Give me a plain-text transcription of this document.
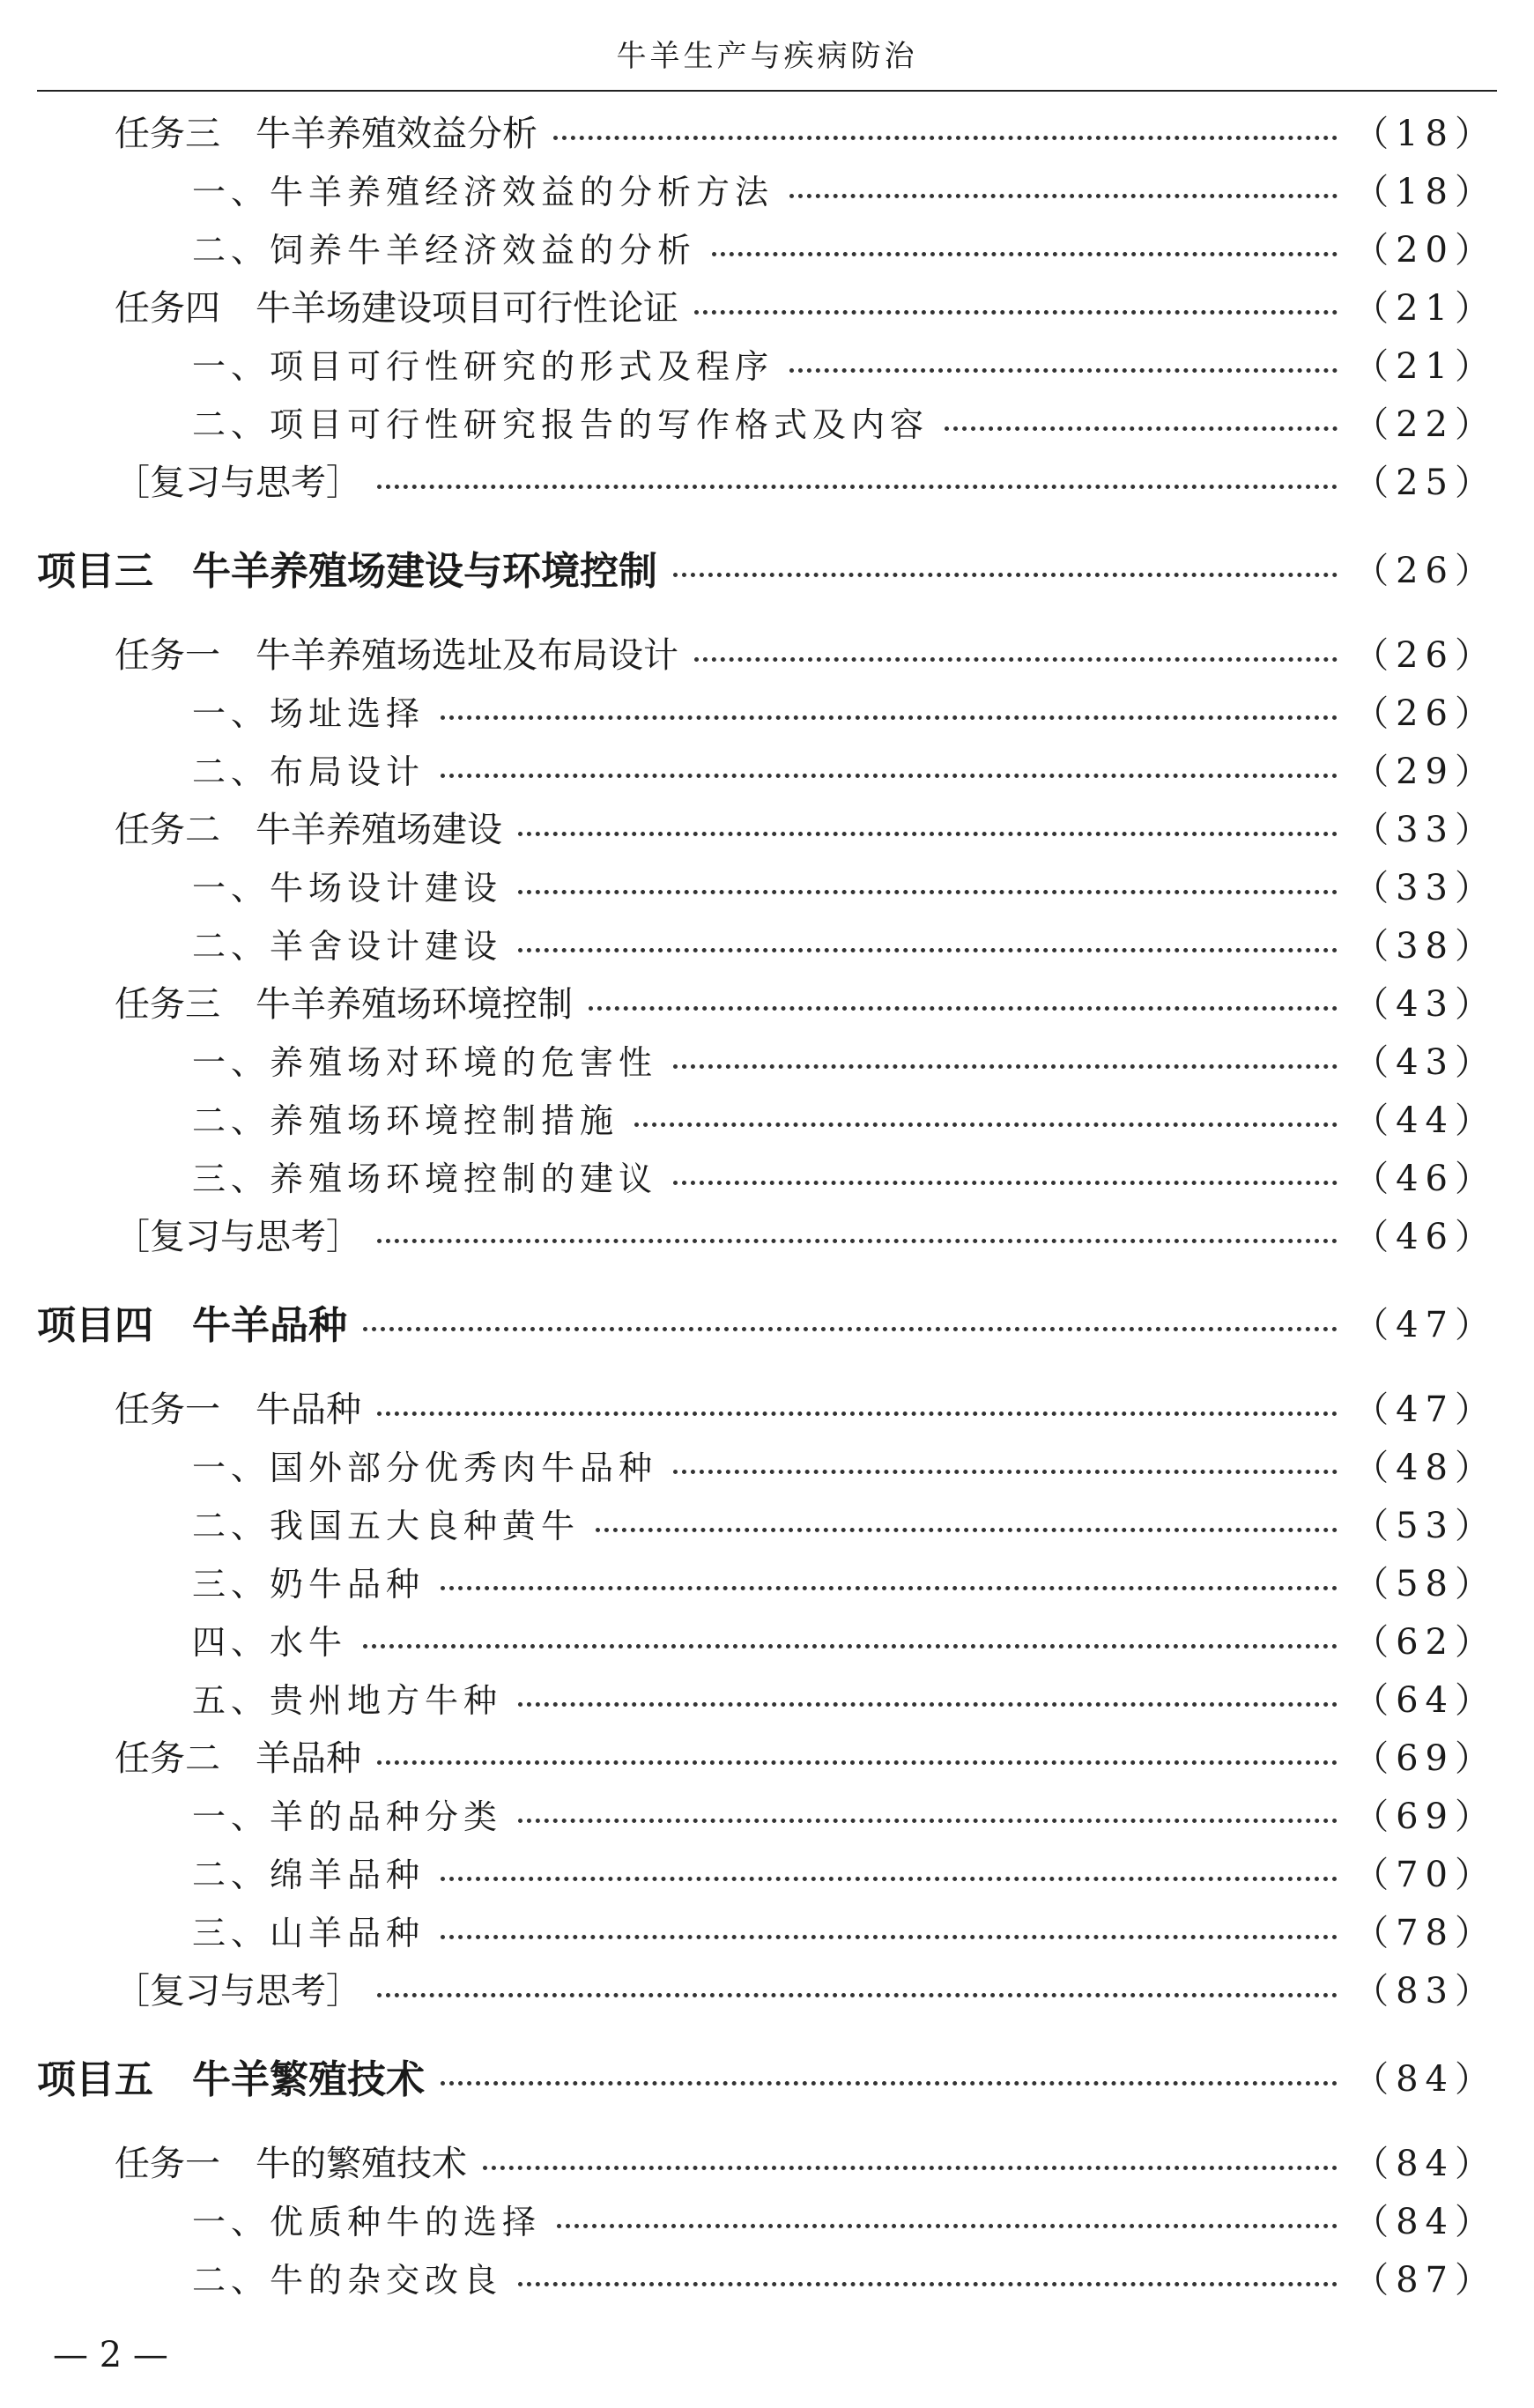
牛羊生产与疾病防治
任务三　牛羊养殖效益分析	（18）
一、牛羊养殖经济效益的分析方法	（18）
二、饲养牛羊经济效益的分析	（20）
任务四　牛羊场建设项目可行性论证	（21）
一、项目可行性研究的形式及程序	（21）
二、项目可行性研究报告的写作格式及内容	（22）
［复习与思考］	（25）
项目三　牛羊养殖场建设与环境控制	（26）
任务一　牛羊养殖场选址及布局设计	（26）
一、场址选择	（26）
二、布局设计	（29）
任务二　牛羊养殖场建设	（33）
一、牛场设计建设	（33）
二、羊舍设计建设	（38）
任务三　牛羊养殖场环境控制	（43）
一、养殖场对环境的危害性	（43）
二、养殖场环境控制措施	（44）
三、养殖场环境控制的建议	（46）
［复习与思考］	（46）
项目四　牛羊品种	（47）
任务一　牛品种	（47）
一、国外部分优秀肉牛品种	（48）
二、我国五大良种黄牛	（53）
三、奶牛品种	（58）
四、水牛	（62）
五、贵州地方牛种	（64）
任务二　羊品种	（69）
一、羊的品种分类	（69）
二、绵羊品种	（70）
三、山羊品种	（78）
［复习与思考］	（83）
项目五　牛羊繁殖技术	（84）
任务一　牛的繁殖技术	（84）
一、优质种牛的选择	（84）
二、牛的杂交改良	（87）
— 2 —
